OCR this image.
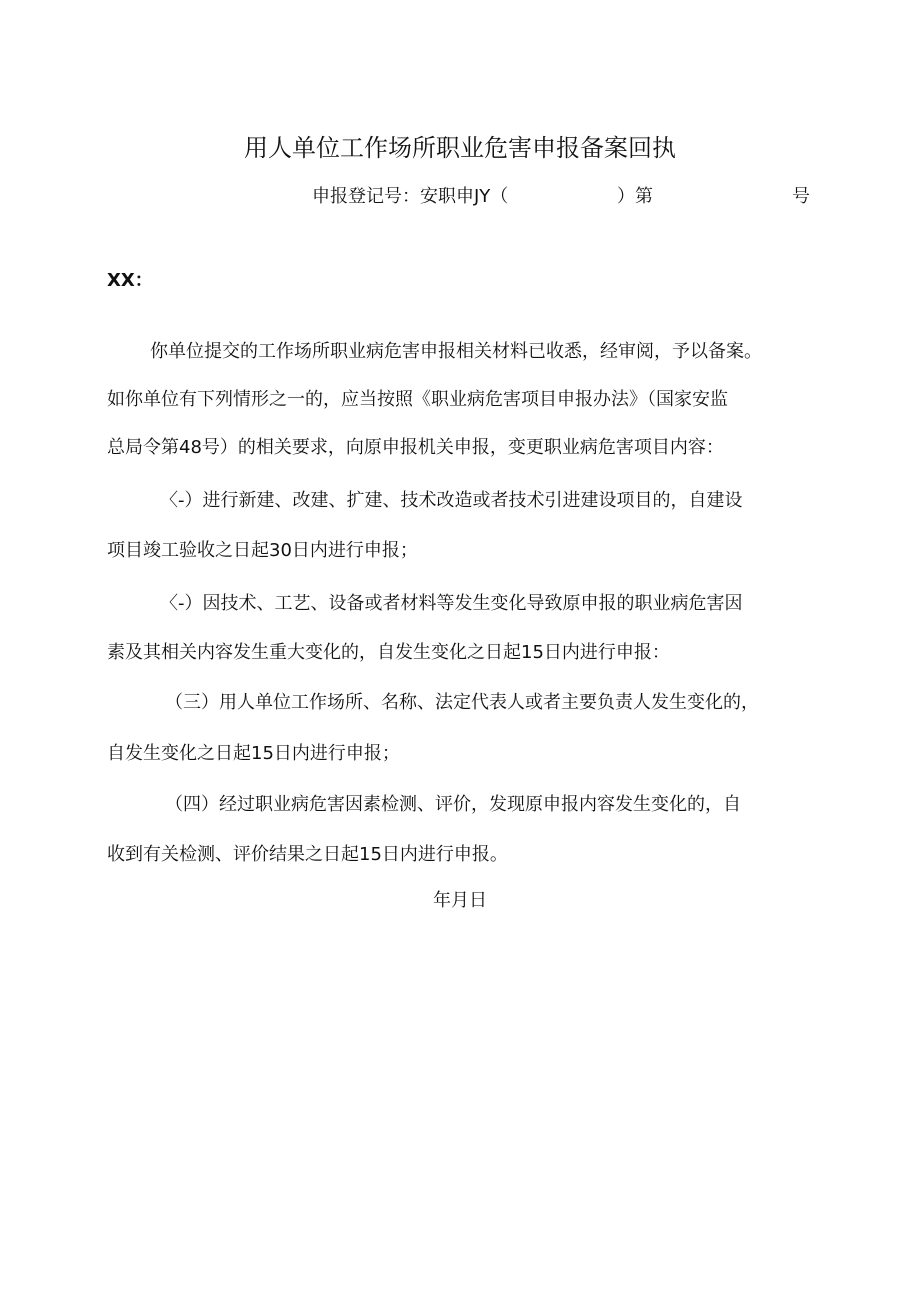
用人单位工作场所职业危害申报备案回执
申报登记号：安职申JY（	）第	号
XX：
你单位提交的工作场所职业病危害申报相关材料已收悉，经审阅，予以备案。
如你单位有下列情形之一的，应当按照《职业病危害项目申报办法》（国家安监
总局令第48号）的相关要求，向原申报机关申报，变更职业病危害项目内容：
〈-）进行新建、改建、扩建、技术改造或者技术引进建设项目的，自建设
项目竣工验收之日起30日内进行申报；
〈-）因技术、工艺、设备或者材料等发生变化导致原申报的职业病危害因
素及其相关内容发生重大变化的，自发生变化之日起15日内进行申报：
（三）用人单位工作场所、名称、法定代表人或者主要负责人发生变化的，
自发生变化之日起15日内进行申报；
（四）经过职业病危害因素检测、评价，发现原申报内容发生变化的，自
收到有关检测、评价结果之日起15日内进行申报。
年月日
